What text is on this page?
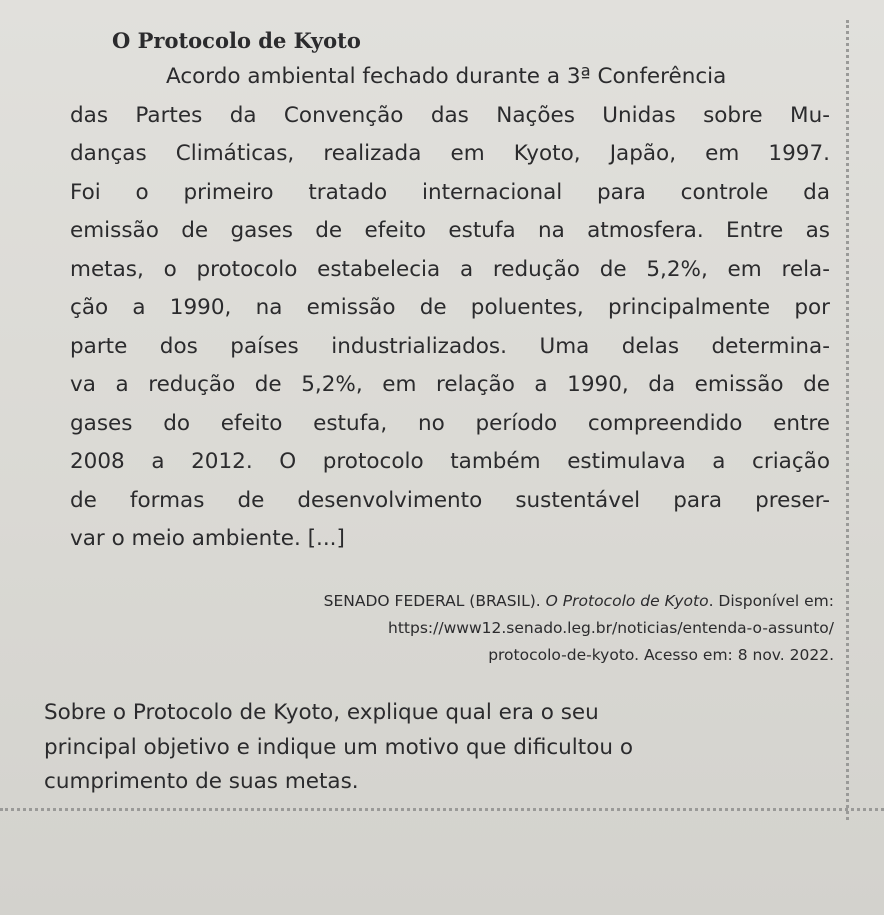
O Protocolo de Kyoto

Acordo ambiental fechado durante a 3ª Conferência
das Partes da Convenção das Nações Unidas sobre Mu-
danças Climáticas, realizada em Kyoto, Japão, em 1997.
Foi o primeiro tratado internacional para controle da
emissão de gases de efeito estufa na atmosfera. Entre as
metas, o protocolo estabelecia a redução de 5,2%, em rela-
ção a 1990, na emissão de poluentes, principalmente por
parte dos países industrializados. Uma delas determina-
va a redução de 5,2%, em relação a 1990, da emissão de
gases do efeito estufa, no período compreendido entre
2008 a 2012. O protocolo também estimulava a criação
de formas de desenvolvimento sustentável para preser-
var o meio ambiente. [...]

SENADO FEDERAL (BRASIL). O Protocolo de Kyoto. Disponível em:
https://www12.senado.leg.br/noticias/entenda-o-assunto/
protocolo-de-kyoto. Acesso em: 8 nov. 2022.

Sobre o Protocolo de Kyoto, explique qual era o seu
principal objetivo e indique um motivo que dificultou o
cumprimento de suas metas.
